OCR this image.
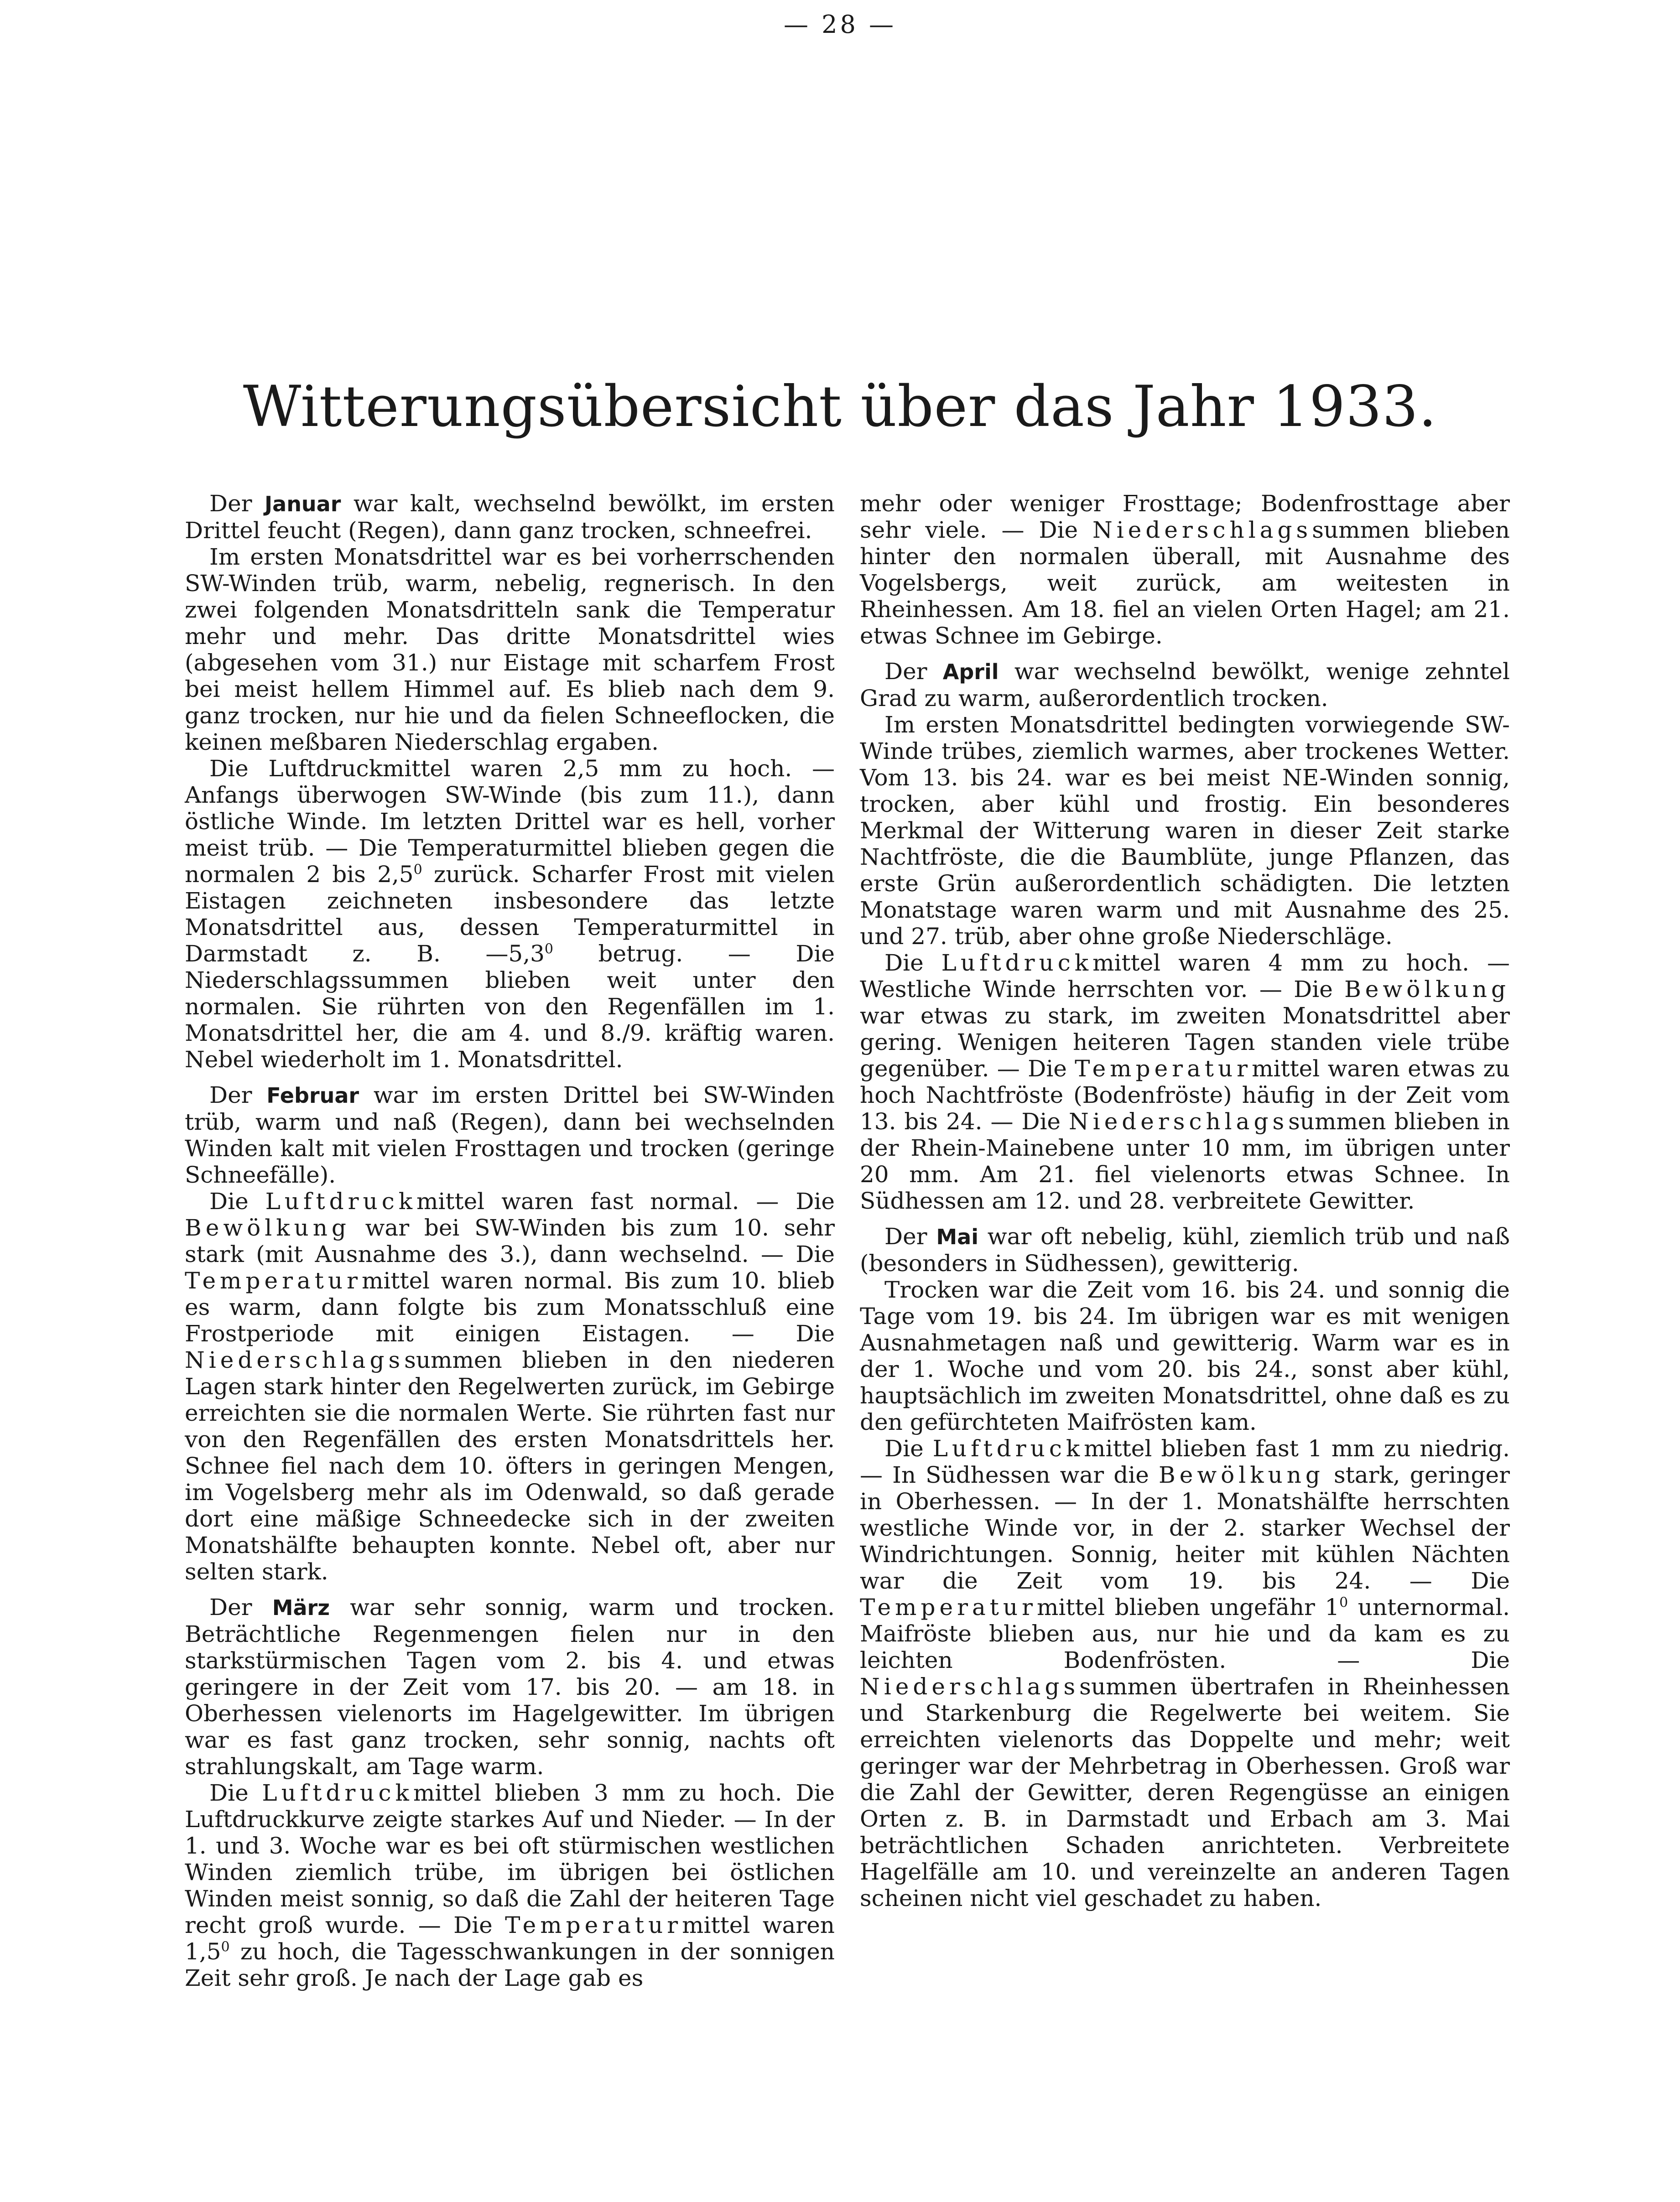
— 28 —
Witterungsübersicht über das Jahr 1933.

Der Januar war kalt, wechselnd bewölkt, im ersten Drittel feucht (Regen), dann ganz trocken, schneefrei.

Im ersten Monatsdrittel war es bei vorherrschenden SW-Winden trüb, warm, nebelig, regnerisch. In den zwei folgenden Monatsdritteln sank die Temperatur mehr und mehr. Das dritte Monatsdrittel wies (abgesehen vom 31.) nur Eistage mit scharfem Frost bei meist hellem Himmel auf. Es blieb nach dem 9. ganz trocken, nur hie und da fielen Schneeflocken, die keinen meßbaren Niederschlag ergaben.

Die Luftdruckmittel waren 2,5 mm zu hoch. — Anfangs überwogen SW-Winde (bis zum 11.), dann östliche Winde. Im letzten Drittel war es hell, vorher meist trüb. — Die Temperaturmittel blieben gegen die normalen 2 bis $2,5^0$ zurück. Scharfer Frost mit vielen Eistagen zeichneten insbesondere das letzte Monatsdrittel aus, dessen Temperaturmittel in Darmstadt z. B. $—5,3^0$ betrug. — Die Niederschlagssummen blieben weit unter den normalen. Sie rührten von den Regenfällen im 1. Monatsdrittel her, die am 4. und 8./9. kräftig waren. Nebel wiederholt im 1. Monatsdrittel.

Der Februar war im ersten Drittel bei SW-Winden trüb, warm und naß (Regen), dann bei wechselnden Winden kalt mit vielen Frosttagen und trocken (geringe Schneefälle).

Die Luftdruckmittel waren fast normal. — Die Bewölkung war bei SW-Winden bis zum 10. sehr stark (mit Ausnahme des 3.), dann wechselnd. — Die Temperaturmittel waren normal. Bis zum 10. blieb es warm, dann folgte bis zum Monatsschluß eine Frostperiode mit einigen Eistagen. — Die Niederschlagssummen blieben in den niederen Lagen stark hinter den Regelwerten zurück, im Gebirge erreichten sie die normalen Werte. Sie rührten fast nur von den Regenfällen des ersten Monatsdrittels her. Schnee fiel nach dem 10. öfters in geringen Mengen, im Vogelsberg mehr als im Odenwald, so daß gerade dort eine mäßige Schneedecke sich in der zweiten Monatshälfte behaupten konnte. Nebel oft, aber nur selten stark.

Der März war sehr sonnig, warm und trocken. Beträchtliche Regenmengen fielen nur in den starkstürmischen Tagen vom 2. bis 4. und etwas geringere in der Zeit vom 17. bis 20. — am 18. in Oberhessen vielenorts im Hagelgewitter. Im übrigen war es fast ganz trocken, sehr sonnig, nachts oft strahlungskalt, am Tage warm.

Die Luftdruckmittel blieben 3 mm zu hoch. Die Luftdruckkurve zeigte starkes Auf und Nieder. — In der 1. und 3. Woche war es bei oft stürmischen westlichen Winden ziemlich trübe, im übrigen bei östlichen Winden meist sonnig, so daß die Zahl der heiteren Tage recht groß wurde. — Die Temperaturmittel waren $1,5^0$ zu hoch, die Tagesschwankungen in der sonnigen Zeit sehr groß. Je nach der Lage gab es

mehr oder weniger Frosttage; Bodenfrosttage aber sehr viele. — Die Niederschlagssummen blieben hinter den normalen überall, mit Ausnahme des Vogelsbergs, weit zurück, am weitesten in Rheinhessen. Am 18. fiel an vielen Orten Hagel; am 21. etwas Schnee im Gebirge.

Der April war wechselnd bewölkt, wenige zehntel Grad zu warm, außerordentlich trocken.

Im ersten Monatsdrittel bedingten vorwiegende SW-Winde trübes, ziemlich warmes, aber trockenes Wetter. Vom 13. bis 24. war es bei meist NE-Winden sonnig, trocken, aber kühl und frostig. Ein besonderes Merkmal der Witterung waren in dieser Zeit starke Nachtfröste, die die Baumblüte, junge Pflanzen, das erste Grün außerordentlich schädigten. Die letzten Monatstage waren warm und mit Ausnahme des 25. und 27. trüb, aber ohne große Niederschläge.

Die Luftdruckmittel waren 4 mm zu hoch. — Westliche Winde herrschten vor. — Die Bewölkung war etwas zu stark, im zweiten Monatsdrittel aber gering. Wenigen heiteren Tagen standen viele trübe gegenüber. — Die Temperaturmittel waren etwas zu hoch Nachtfröste (Bodenfröste) häufig in der Zeit vom 13. bis 24. — Die Niederschlagssummen blieben in der Rhein-Mainebene unter 10 mm, im übrigen unter 20 mm. Am 21. fiel vielenorts etwas Schnee. In Südhessen am 12. und 28. verbreitete Gewitter.

Der Mai war oft nebelig, kühl, ziemlich trüb und naß (besonders in Südhessen), gewitterig.

Trocken war die Zeit vom 16. bis 24. und sonnig die Tage vom 19. bis 24. Im übrigen war es mit wenigen Ausnahmetagen naß und gewitterig. Warm war es in der 1. Woche und vom 20. bis 24., sonst aber kühl, hauptsächlich im zweiten Monatsdrittel, ohne daß es zu den gefürchteten Maifrösten kam.

Die Luftdruckmittel blieben fast 1 mm zu niedrig. — In Südhessen war die Bewölkung stark, geringer in Oberhessen. — In der 1. Monatshälfte herrschten westliche Winde vor, in der 2. starker Wechsel der Windrichtungen. Sonnig, heiter mit kühlen Nächten war die Zeit vom 19. bis 24. — Die Temperaturmittel blieben ungefähr $1^0$ unternormal. Maifröste blieben aus, nur hie und da kam es zu leichten Bodenfrösten. — Die Niederschlagssummen übertrafen in Rheinhessen und Starkenburg die Regelwerte bei weitem. Sie erreichten vielenorts das Doppelte und mehr; weit geringer war der Mehrbetrag in Oberhessen. Groß war die Zahl der Gewitter, deren Regengüsse an einigen Orten z. B. in Darmstadt und Erbach am 3. Mai beträchtlichen Schaden anrichteten. Verbreitete Hagelfälle am 10. und vereinzelte an anderen Tagen scheinen nicht viel geschadet zu haben.
